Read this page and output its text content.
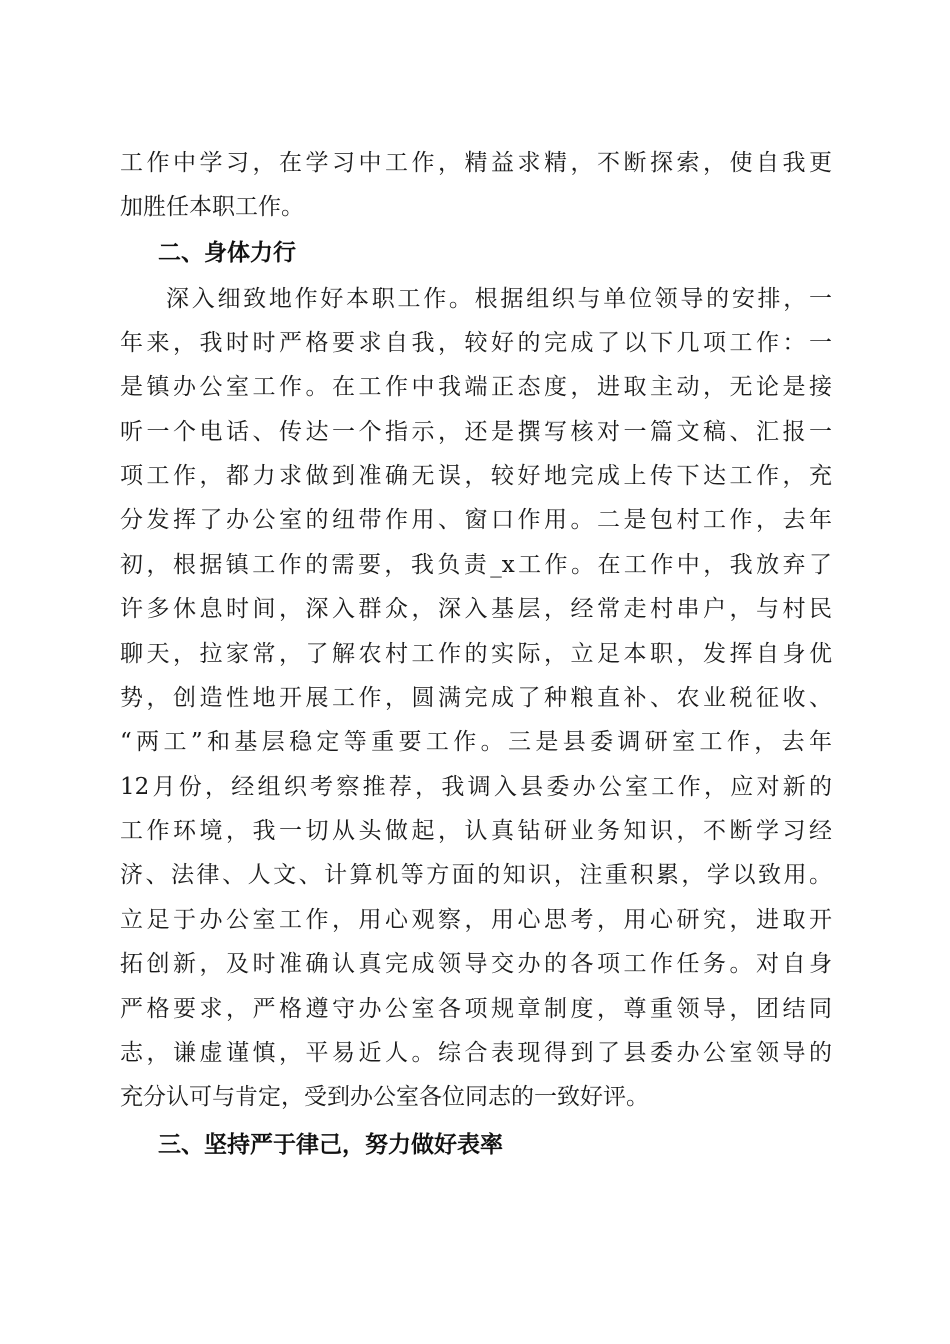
工作中学习，在学习中工作，精益求精，不断探索，使自我更
加胜任本职工作。
二、身体力行
深入细致地作好本职工作。根据组织与单位领导的安排，一
年来，我时时严格要求自我，较好的完成了以下几项工作：一
是镇办公室工作。在工作中我端正态度，进取主动，无论是接
听一个电话、传达一个指示，还是撰写核对一篇文稿、汇报一
项工作，都力求做到准确无误，较好地完成上传下达工作，充
分发挥了办公室的纽带作用、窗口作用。二是包村工作，去年
初，根据镇工作的需要，我负责_x工作。在工作中，我放弃了
许多休息时间，深入群众，深入基层，经常走村串户，与村民
聊天，拉家常，了解农村工作的实际，立足本职，发挥自身优
势，创造性地开展工作，圆满完成了种粮直补、农业税征收、
“两工”和基层稳定等重要工作。三是县委调研室工作，去年
12月份，经组织考察推荐，我调入县委办公室工作，应对新的
工作环境，我一切从头做起，认真钻研业务知识，不断学习经
济、法律、人文、计算机等方面的知识，注重积累，学以致用。
立足于办公室工作，用心观察，用心思考，用心研究，进取开
拓创新，及时准确认真完成领导交办的各项工作任务。对自身
严格要求，严格遵守办公室各项规章制度，尊重领导，团结同
志，谦虚谨慎，平易近人。综合表现得到了县委办公室领导的
充分认可与肯定，受到办公室各位同志的一致好评。
三、坚持严于律己，努力做好表率
